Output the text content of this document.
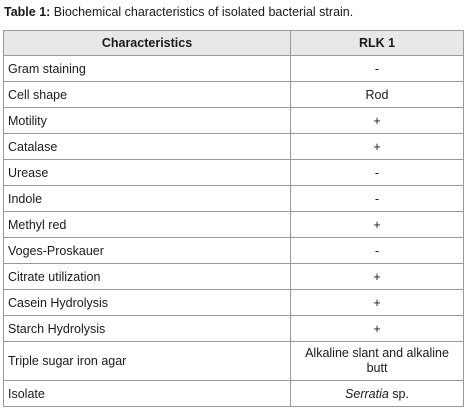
Table 1: Biochemical characteristics of isolated bacterial strain.
Characteristics	RLK 1
Gram staining	-
Cell shape	Rod
Motility	+
Catalase	+
Urease	-
Indole	-
Methyl red	+
Voges-Proskauer	-
Citrate utilization	+
Casein Hydrolysis	+
Starch Hydrolysis	+
Triple sugar iron agar	Alkaline slant and alkaline butt
Isolate	Serratia sp.
